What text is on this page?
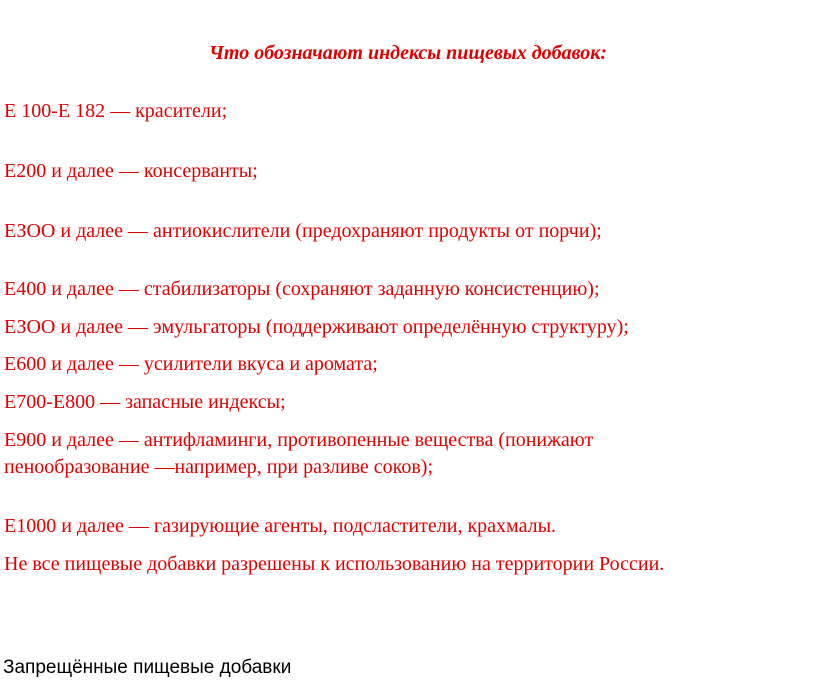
Что обозначают индексы пищевых добавок:
Е 100-Е 182 — красители;
Е200 и далее — консерванты;
ЕЗОО и далее — антиокислители (предохраняют продукты от порчи);
Е400 и далее — стабилизаторы (сохраняют заданную консистенцию);
ЕЗОО и далее — эмульгаторы (поддерживают определённую структуру);
Е600 и далее — усилители вкуса и аромата;
Е700-Е800 — запасные индексы;
Е900 и далее — антифламинги, противопенные вещества (понижают пенообразование —например, при разливе соков);
Е1000 и далее — газирующие агенты, подсластители, крахмалы.
Не все пищевые добавки разрешены к использованию на территории России.
Запрещённые пищевые добавки
